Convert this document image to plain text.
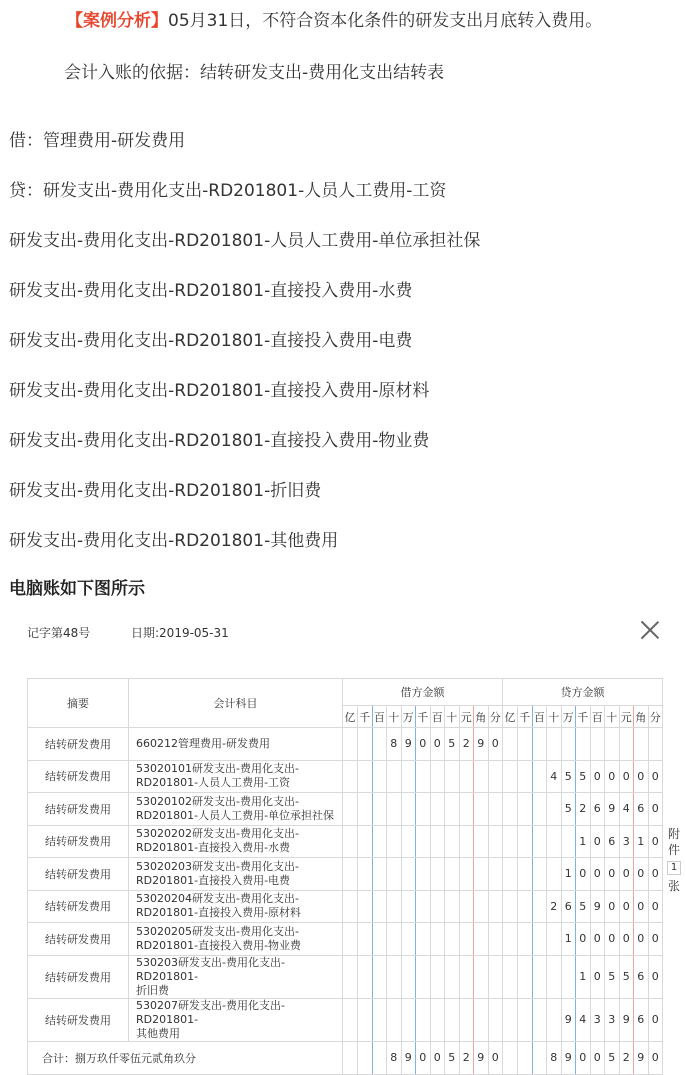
【案例分析】05月31日，不符合资本化条件的研发支出月底转入费用。
会计入账的依据：结转研发支出-费用化支出结转表
借：管理费用-研发费用
贷：研发支出-费用化支出-RD201801-人员人工费用-工资
研发支出-费用化支出-RD201801-人员人工费用-单位承担社保
研发支出-费用化支出-RD201801-直接投入费用-水费
研发支出-费用化支出-RD201801-直接投入费用-电费
研发支出-费用化支出-RD201801-直接投入费用-原材料
研发支出-费用化支出-RD201801-直接投入费用-物业费
研发支出-费用化支出-RD201801-折旧费
研发支出-费用化支出-RD201801-其他费用
电脑账如下图所示
记字第48号	日期:2019-05-31
摘要	会计科目	借方金额											贷方金额										
		亿	千	百	十	万	千	百	十	元	角	分	亿	千	百	十	万	千	百	十	元	角	分
结转研发费用	660212管理费用-研发费用				8	9	0	0	5	2	9	0											
结转研发费用	53020101研发支出-费用化支出-
RD201801-人员人工费用-工资															4	5	5	0	0	0	0	0
结转研发费用	53020102研发支出-费用化支出-
RD201801-人员人工费用-单位承担社保																5	2	6	9	4	6	0
结转研发费用	53020202研发支出-费用化支出-
RD201801-直接投入费用-水费																	1	0	6	3	1	0
结转研发费用	53020203研发支出-费用化支出-
RD201801-直接投入费用-电费																1	0	0	0	0	0	0
结转研发费用	53020204研发支出-费用化支出-
RD201801-直接投入费用-原材料															2	6	5	9	0	0	0	0
结转研发费用	53020205研发支出-费用化支出-
RD201801-直接投入费用-物业费																1	0	0	0	0	0	0
结转研发费用	530203研发支出-费用化支出-RD201801-
折旧费																	1	0	5	5	6	0
结转研发费用	530207研发支出-费用化支出-RD201801-
其他费用																9	4	3	3	9	6	0
合计：捌万玖仟零伍元贰角玖分					8	9	0	0	5	2	9	0				8	9	0	0	5	2	9	0
附
件
1
张
